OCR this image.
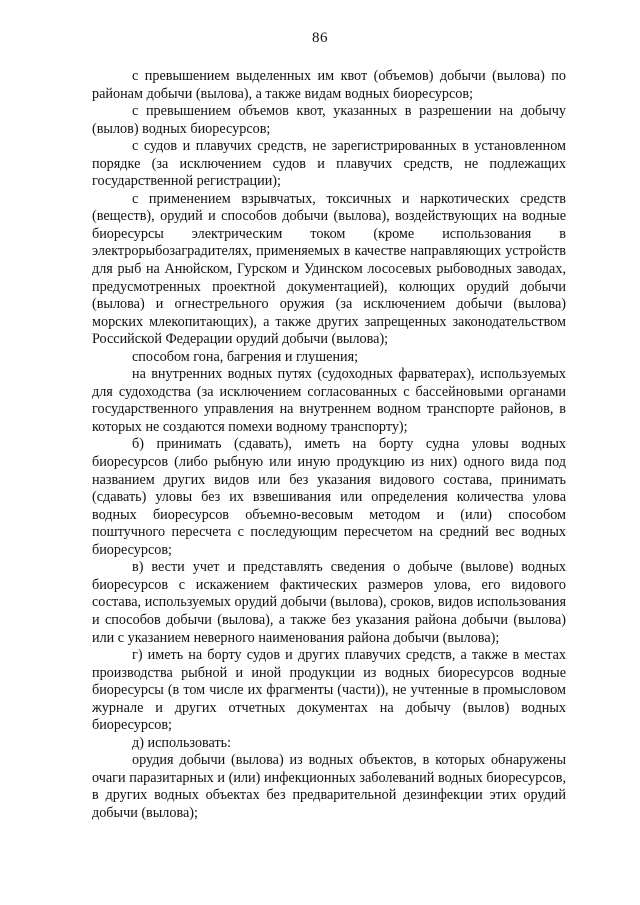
86

с превышением выделенных им квот (объемов) добычи (вылова) по районам добычи (вылова), а также видам водных биоресурсов;

с превышением объемов квот, указанных в разрешении на добычу (вылов) водных биоресурсов;

с судов и плавучих средств, не зарегистрированных в установленном порядке (за исключением судов и плавучих средств, не подлежащих государственной регистрации);

с применением взрывчатых, токсичных и наркотических средств (веществ), орудий и способов добычи (вылова), воздействующих на водные биоресурсы электрическим током (кроме использования в электрорыбозаградителях, применяемых в качестве направляющих устройств для рыб на Анюйском, Гурском и Удинском лососевых рыбоводных заводах, предусмотренных проектной документацией), колющих орудий добычи (вылова) и огнестрельного оружия (за исключением добычи (вылова) морских млекопитающих), а также других запрещенных законодательством Российской Федерации орудий добычи (вылова);

способом гона, багрения и глушения;

на внутренних водных путях (судоходных фарватерах), используемых для судоходства (за исключением согласованных с бассейновыми органами государственного управления на внутреннем водном транспорте районов, в которых не создаются помехи водному транспорту);

б) принимать (сдавать), иметь на борту судна уловы водных биоресурсов (либо рыбную или иную продукцию из них) одного вида под названием других видов или без указания видового состава, принимать (сдавать) уловы без их взвешивания или определения количества улова водных биоресурсов объемно-весовым методом и (или) способом поштучного пересчета с последующим пересчетом на средний вес водных биоресурсов;

в) вести учет и представлять сведения о добыче (вылове) водных биоресурсов с искажением фактических размеров улова, его видового состава, используемых орудий добычи (вылова), сроков, видов использования и способов добычи (вылова), а также без указания района добычи (вылова) или с указанием неверного наименования района добычи (вылова);

г) иметь на борту судов и других плавучих средств, а также в местах производства рыбной и иной продукции из водных биоресурсов водные биоресурсы (в том числе их фрагменты (части)), не учтенные в промысловом журнале и других отчетных документах на добычу (вылов) водных биоресурсов;

д) использовать:

орудия добычи (вылова) из водных объектов, в которых обнаружены очаги паразитарных и (или) инфекционных заболеваний водных биоресурсов, в других водных объектах без предварительной дезинфекции этих орудий добычи (вылова);
